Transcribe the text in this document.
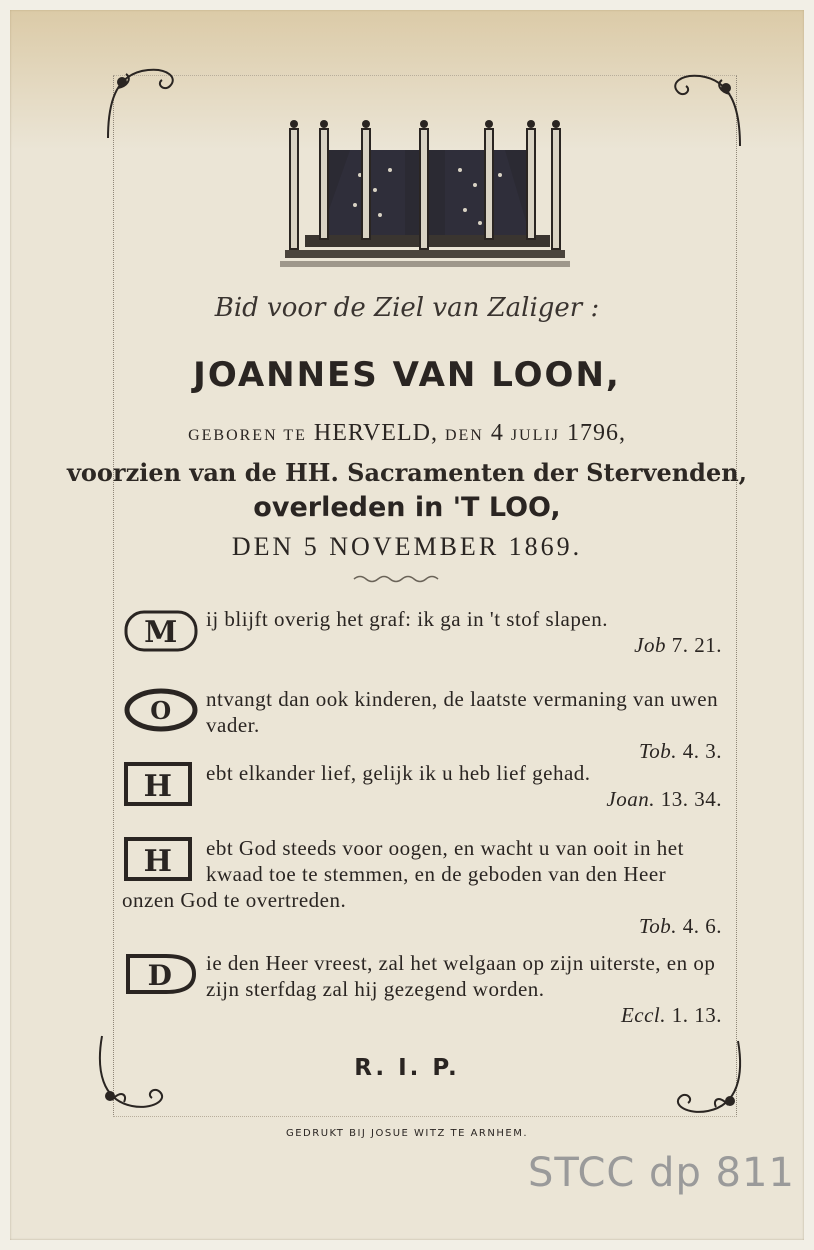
Bid voor de Ziel van Zaliger :
JOANNES VAN LOON,
GEBOREN TE HERVELD, DEN 4 JULIJ 1796,
voorzien van de HH. Sacramenten der Stervenden,
overleden in 'T LOO,
DEN 5 NOVEMBER 1869.
M ij blijft overig het graf: ik ga in 't stof slapen.
Job 7. 21.
O ntvangt dan ook kinderen, de laatste vermaning van uwen vader.
Tob. 4. 3.
H ebt elkander lief, gelijk ik u heb lief gehad.
Joan. 13. 34.
H ebt God steeds voor oogen, en wacht u van ooit in het kwaad toe te stemmen, en de geboden van den Heer onzen God te overtreden.
Tob. 4. 6.
D ie den Heer vreest, zal het welgaan op zijn uiterste, en op zijn sterfdag zal hij gezegend worden.
Eccl. 1. 13.
R. I. P.
GEDRUKT BIJ JOSUE WITZ TE ARNHEM.
STCC dp 811
